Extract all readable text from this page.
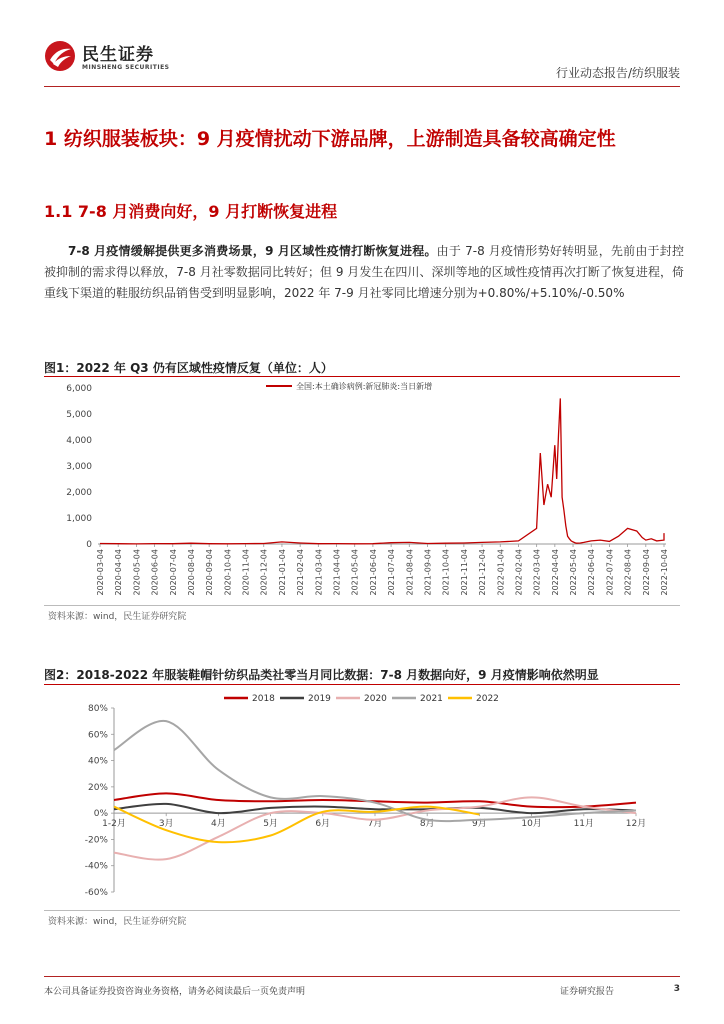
民生证券
MINSHENG SECURITIES	行业动态报告/纺织服装
1 纺织服装板块：9 月疫情扰动下游品牌，上游制造具备较高确定性
1.1 7-8 月消费向好，9 月打断恢复进程
7-8 月疫情缓解提供更多消费场景，9 月区域性疫情打断恢复进程。由于 7-8 月疫情形势好转明显，先前由于封控被抑制的需求得以释放，7-8 月社零数据同比转好；但 9 月发生在四川、深圳等地的区域性疫情再次打断了恢复进程，倚重线下渠道的鞋服纺织品销售受到明显影响，2022 年 7-9 月社零同比增速分别为+0.80%/+5.10%/-0.50%
图1：2022 年 Q3 仍有区域性疫情反复（单位：人）
6,000
5,000
4,000
3,000
2,000
1,000
0
2020-03-04 2020-04-04 2020-05-04 2020-06-04 2020-07-04 2020-08-04 2020-09-04 2020-10-04 2020-11-04 2020-12-04 2021-01-04 2021-02-04 2021-03-04 2021-04-04 2021-05-04 2021-06-04 2021-07-04 2021-08-04 2021-09-04 2021-10-04 2021-11-04 2021-12-04 2022-01-04 2022-02-04 2022-03-04 2022-04-04 2022-05-04 2022-06-04 2022-07-04 2022-08-04 2022-09-04 2022-10-04
全国:本土确诊病例:新冠肺炎:当日新增
资料来源：wind，民生证券研究院
图2：2018-2022 年服装鞋帽针纺织品类社零当月同比数据：7-8 月数据向好，9 月疫情影响依然明显
80%
60%
40%
20%
0%
-20%
-40%
-60%
1-2月	3月	4月	5月	6月	7月	8月	9月	10月	11月	12月
2018	2019	2020	2021	2022
资料来源：wind，民生证券研究院
本公司具备证券投资咨询业务资格，请务必阅读最后一页免责声明	证券研究报告	3
